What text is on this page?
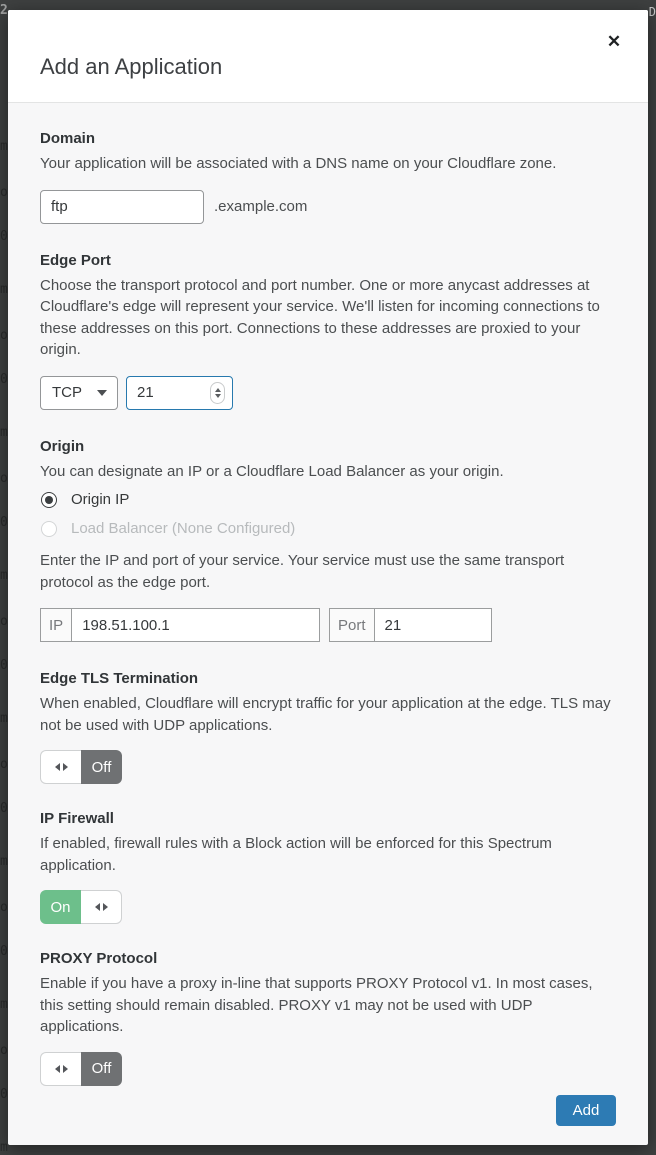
2
m
o
0
m
o
0
m
o
0
m
o
0
m
o
0
m
o
0
m
o
0
m
D
Add an Application
✕
Domain
Your application will be associated with a DNS name on your Cloudflare zone.
ftp
.example.com
Edge Port
Choose the transport protocol and port number. One or more anycast addresses at Cloudflare's edge will represent your service. We'll listen for incoming connections to these addresses on this port. Connections to these addresses are proxied to your origin.
TCP	21
Origin
You can designate an IP or a Cloudflare Load Balancer as your origin.
Origin IP
Load Balancer (None Configured)
Enter the IP and port of your service. Your service must use the same transport protocol as the edge port.
IP
198.51.100.1	Port
21
Edge TLS Termination
When enabled, Cloudflare will encrypt traffic for your application at the edge. TLS may not be used with UDP applications.
Off
IP Firewall
If enabled, firewall rules with a Block action will be enforced for this Spectrum application.
On
PROXY Protocol
Enable if you have a proxy in-line that supports PROXY Protocol v1. In most cases, this setting should remain disabled. PROXY v1 may not be used with UDP applications.
Off
Add
